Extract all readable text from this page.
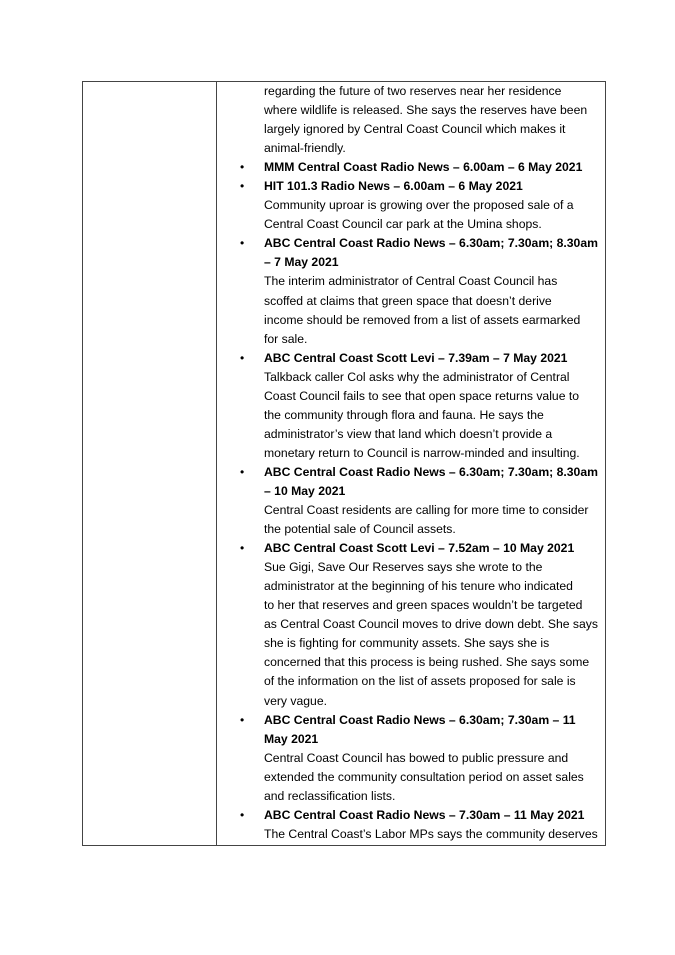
regarding the future of two reserves near her residence
where wildlife is released. She says the reserves have been
largely ignored by Central Coast Council which makes it
animal-friendly.
• MMM Central Coast Radio News – 6.00am – 6 May 2021
• HIT 101.3 Radio News – 6.00am – 6 May 2021
Community uproar is growing over the proposed sale of a
Central Coast Council car park at the Umina shops.
• ABC Central Coast Radio News – 6.30am; 7.30am; 8.30am
– 7 May 2021
The interim administrator of Central Coast Council has
scoffed at claims that green space that doesn’t derive
income should be removed from a list of assets earmarked
for sale.
• ABC Central Coast Scott Levi – 7.39am – 7 May 2021
Talkback caller Col asks why the administrator of Central
Coast Council fails to see that open space returns value to
the community through flora and fauna. He says the
administrator’s view that land which doesn’t provide a
monetary return to Council is narrow-minded and insulting.
• ABC Central Coast Radio News – 6.30am; 7.30am; 8.30am
– 10 May 2021
Central Coast residents are calling for more time to consider
the potential sale of Council assets.
• ABC Central Coast Scott Levi – 7.52am – 10 May 2021
Sue Gigi, Save Our Reserves says she wrote to the
administrator at the beginning of his tenure who indicated
to her that reserves and green spaces wouldn’t be targeted
as Central Coast Council moves to drive down debt. She says
she is fighting for community assets. She says she is
concerned that this process is being rushed. She says some
of the information on the list of assets proposed for sale is
very vague.
• ABC Central Coast Radio News – 6.30am; 7.30am – 11
May 2021
Central Coast Council has bowed to public pressure and
extended the community consultation period on asset sales
and reclassification lists.
• ABC Central Coast Radio News – 7.30am – 11 May 2021
The Central Coast’s Labor MPs says the community deserves
